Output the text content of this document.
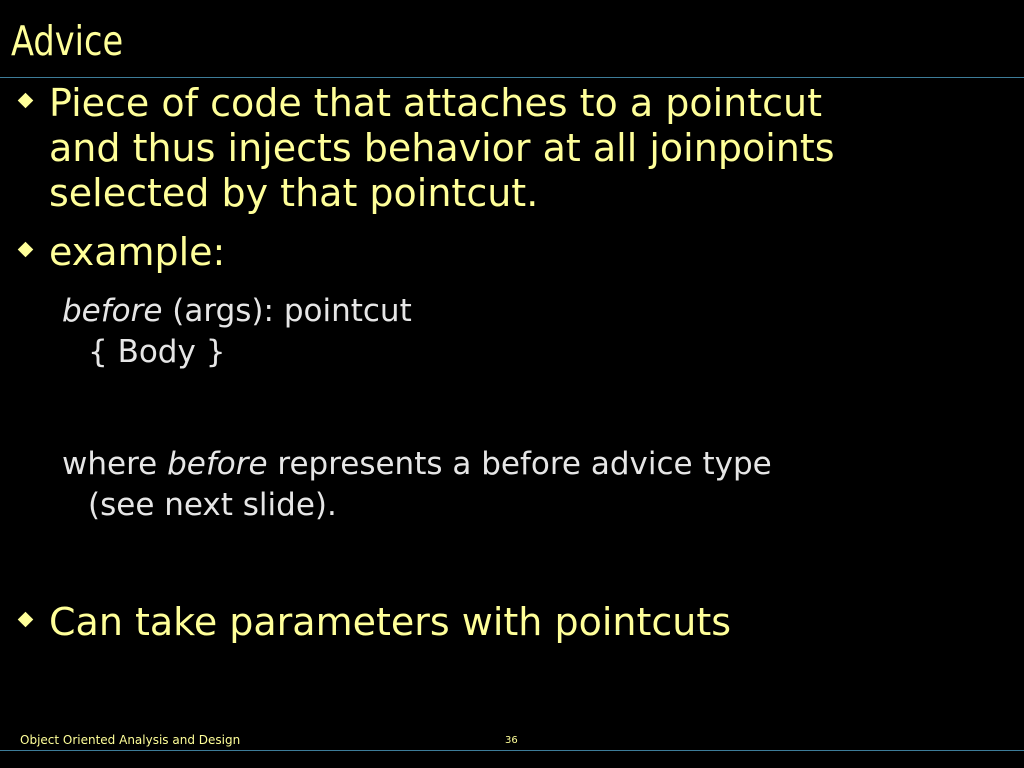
Advice
Piece of code that attaches to a pointcut
and thus injects behavior at all joinpoints
selected by that pointcut.
example:
before (args): pointcut
{ Body }
where before represents a before advice type
(see next slide).
Can take parameters with pointcuts
Object Oriented Analysis and Design	36
